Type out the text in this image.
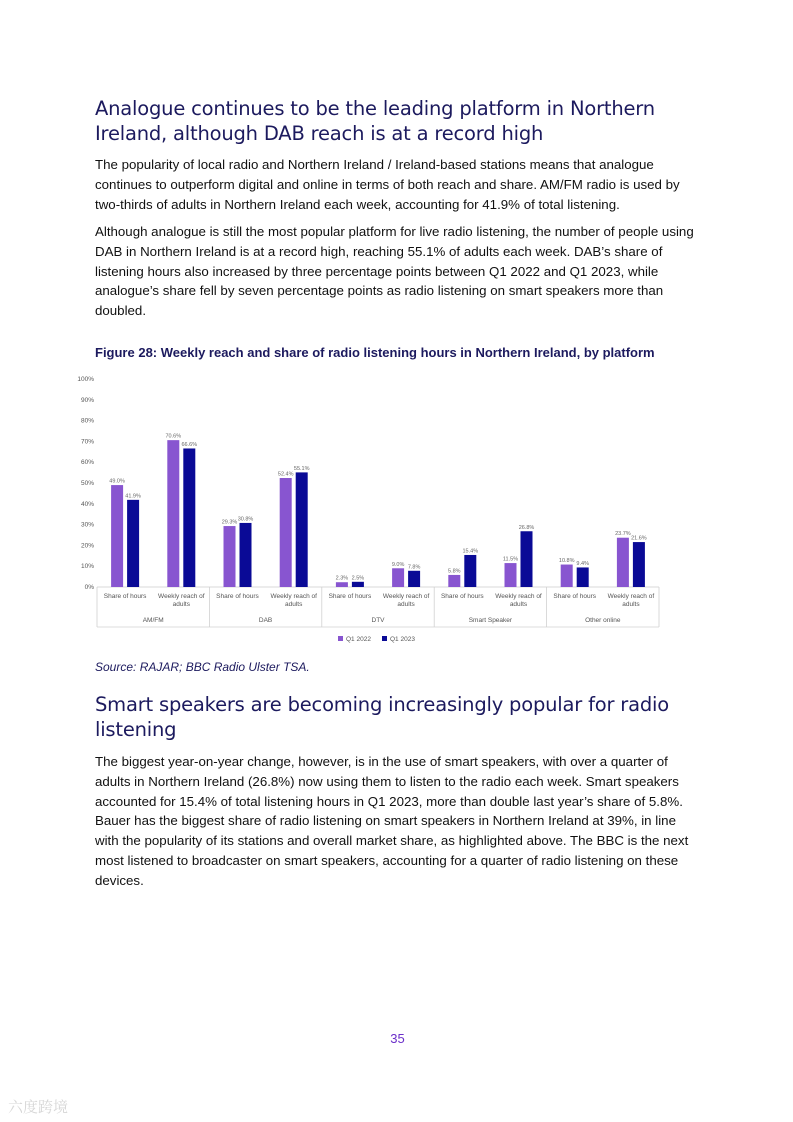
Analogue continues to be the leading platform in Northern Ireland, although DAB reach is at a record high

The popularity of local radio and Northern Ireland / Ireland-based stations means that analogue continues to outperform digital and online in terms of both reach and share. AM/FM radio is used by two-thirds of adults in Northern Ireland each week, accounting for 41.9% of total listening.

Although analogue is still the most popular platform for live radio listening, the number of people using DAB in Northern Ireland is at a record high, reaching 55.1% of adults each week. DAB’s share of listening hours also increased by three percentage points between Q1 2022 and Q1 2023, while analogue’s share fell by seven percentage points as radio listening on smart speakers more than doubled.

Figure 28: Weekly reach and share of radio listening hours in Northern Ireland, by platform
0%
10%
20%
30%
40%
50%
60%
70%
80%
90%
100%
AM/FM
Share of hours
49.0%
41.9%
Weekly reach of
adults
70.6%
66.6%
DAB
Share of hours
29.3%
30.8%
Weekly reach of
adults
52.4%
55.1%
DTV
Share of hours
2.3% 2.5%
Weekly reach of
adults
9.0% 7.8%
Smart Speaker
Share of hours
5.8%
15.4%
Weekly reach of
adults
11.5%
26.8%
Other online
Share of hours
10.8% 9.4%
Weekly reach of
adults
23.7%
21.6%
Q1 2022	Q1 2023
Source: RAJAR; BBC Radio Ulster TSA.
Smart speakers are becoming increasingly popular for radio listening

The biggest year-on-year change, however, is in the use of smart speakers, with over a quarter of adults in Northern Ireland (26.8%) now using them to listen to the radio each week. Smart speakers accounted for 15.4% of total listening hours in Q1 2023, more than double last year’s share of 5.8%. Bauer has the biggest share of radio listening on smart speakers in Northern Ireland at 39%, in line with the popularity of its stations and overall market share, as highlighted above. The BBC is the next most listened to broadcaster on smart speakers, accounting for a quarter of radio listening on these devices.

35
六度跨境
